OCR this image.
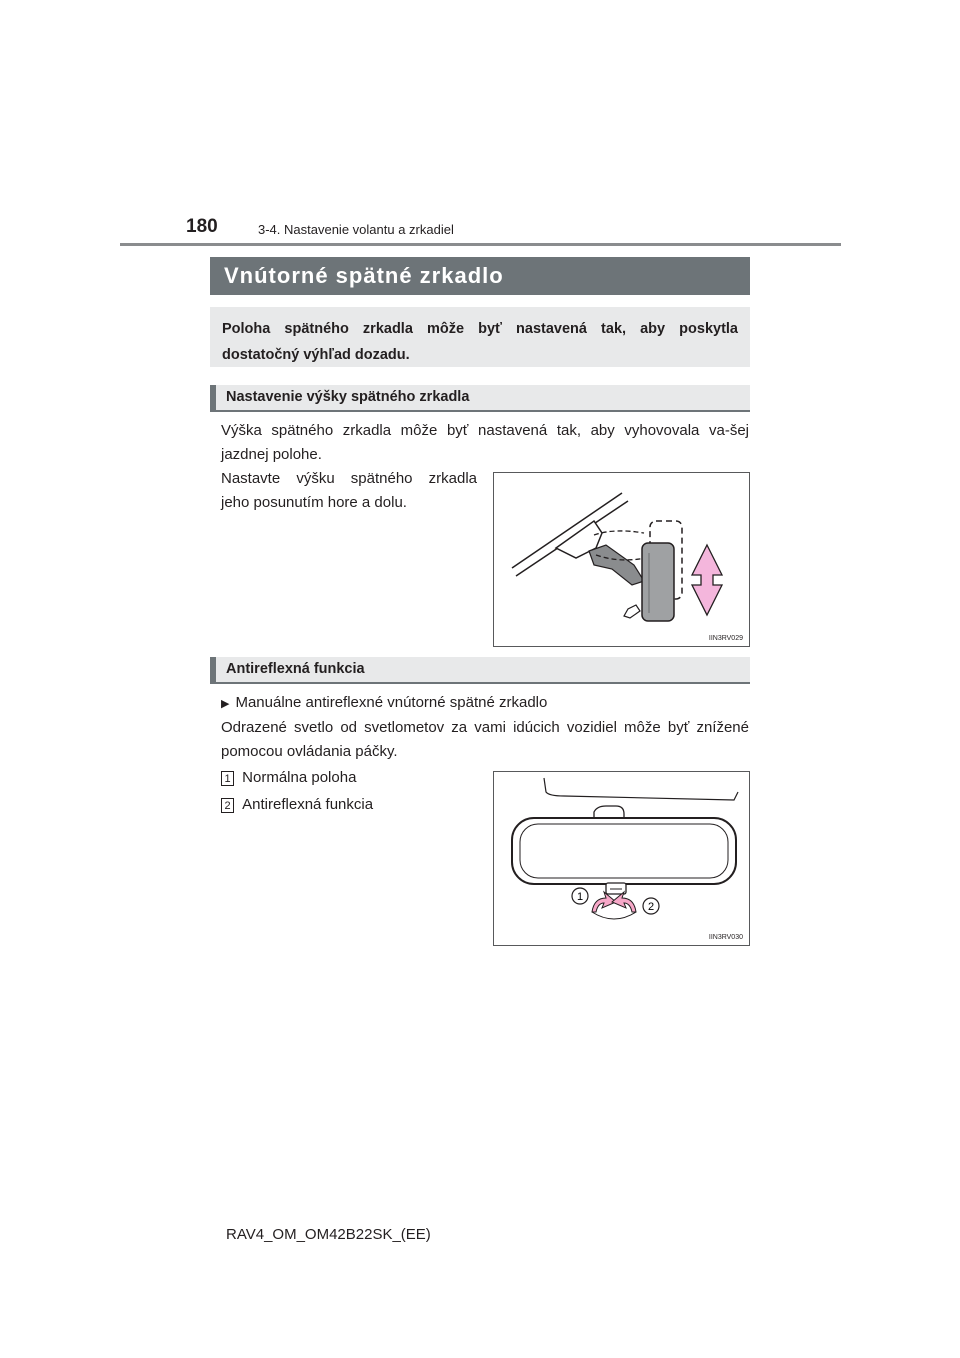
180	3-4. Nastavenie volantu a zrkadiel
Vnútorné spätné zrkadlo
Poloha spätného zrkadla môže byť nastavená tak, aby poskytla dostatočný výhľad dozadu.
Nastavenie výšky spätného zrkadla
Výška spätného zrkadla môže byť nastavená tak, aby vyhovovala va-šej jazdnej polohe.
Nastavte výšku spätného zrkadla
jeho posunutím hore a dolu.
IIN3RV029
Antireflexná funkcia
▶ Manuálne antireflexné vnútorné spätné zrkadlo
Odrazené svetlo od svetlometov za vami idúcich vozidiel môže byť znížené pomocou ovládania páčky.
1 Normálna poloha
2 Antireflexná funkcia
1
2
IIN3RV030
RAV4_OM_OM42B22SK_(EE)
